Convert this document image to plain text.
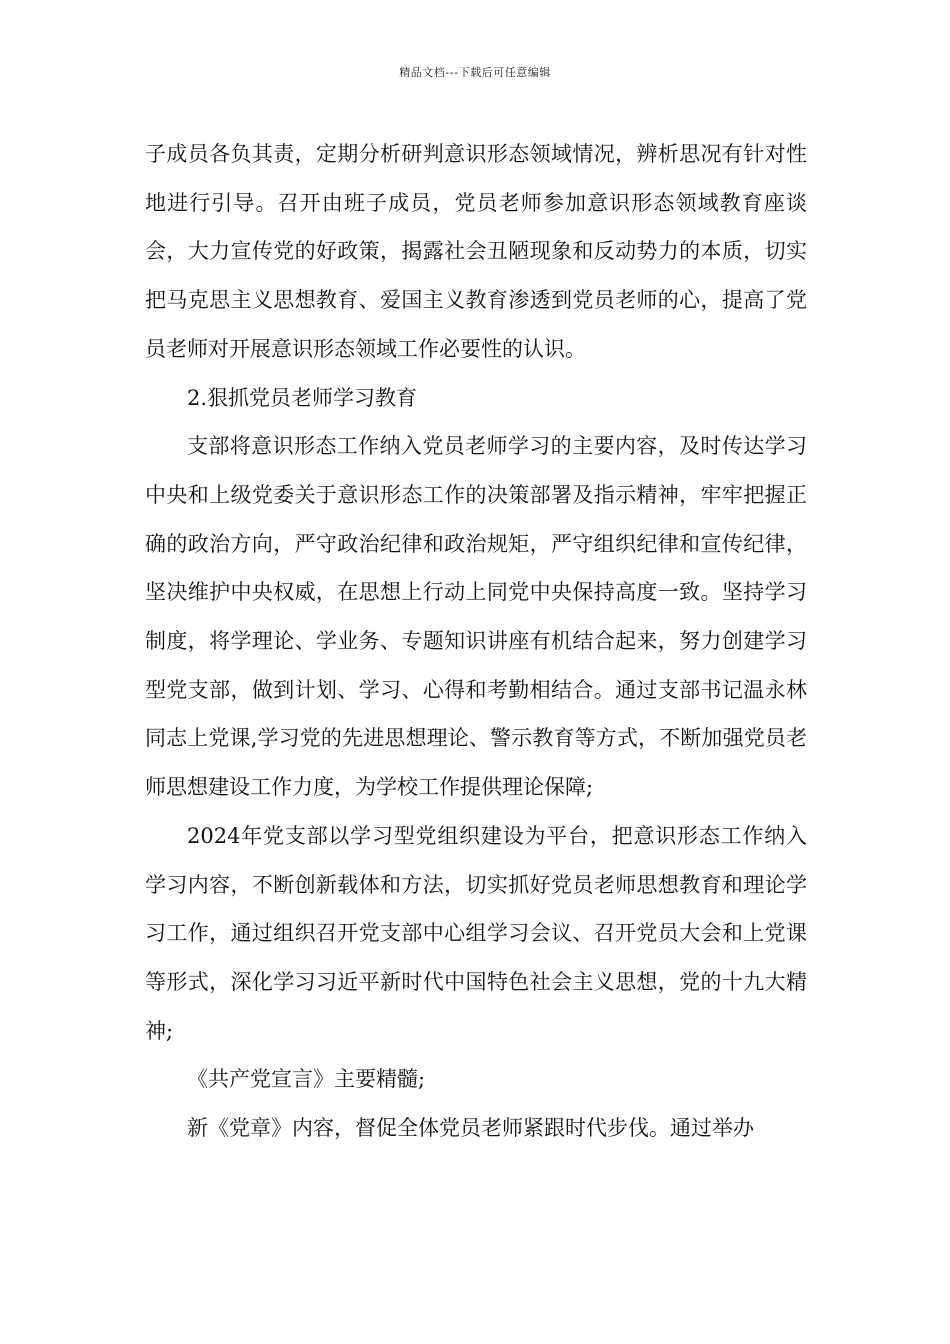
精品文档---下载后可任意编辑

子成员各负其责，定期分析研判意识形态领域情况，辨析思况有针对性地进行引导。召开由班子成员，党员老师参加意识形态领域教育座谈会，大力宣传党的好政策，揭露社会丑陋现象和反动势力的本质，切实把马克思主义思想教育、爱国主义教育渗透到党员老师的心，提高了党员老师对开展意识形态领域工作必要性的认识。

2.狠抓党员老师学习教育

支部将意识形态工作纳入党员老师学习的主要内容，及时传达学习中央和上级党委关于意识形态工作的决策部署及指示精神，牢牢把握正确的政治方向，严守政治纪律和政治规矩，严守组织纪律和宣传纪律，坚决维护中央权威，在思想上行动上同党中央保持高度一致。坚持学习制度，将学理论、学业务、专题知识讲座有机结合起来，努力创建学习型党支部，做到计划、学习、心得和考勤相结合。通过支部书记温永林同志上党课,学习党的先进思想理论、警示教育等方式，不断加强党员老师思想建设工作力度，为学校工作提供理论保障;

2024年党支部以学习型党组织建设为平台，把意识形态工作纳入学习内容，不断创新载体和方法，切实抓好党员老师思想教育和理论学习工作，通过组织召开党支部中心组学习会议、召开党员大会和上党课等形式，深化学习习近平新时代中国特色社会主义思想，党的十九大精神;

《共产党宣言》主要精髓;

新《党章》内容，督促全体党员老师紧跟时代步伐。通过举办
